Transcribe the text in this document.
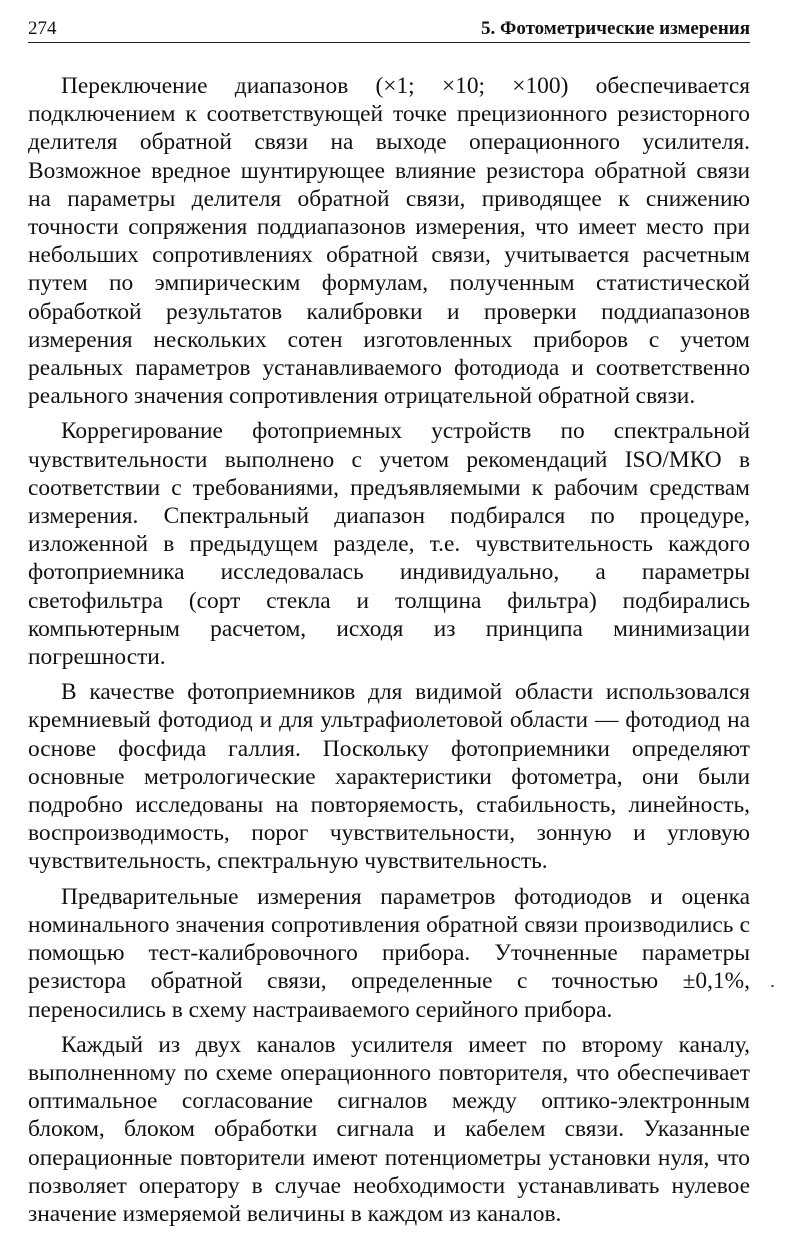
274	5. Фотометрические измерения

Переключение диапазонов (×1; ×10; ×100) обеспечивается подключением к соответствующей точке прецизионного резисторного делителя обратной связи на выходе операционного усилителя. Возможное вредное шунтирующее влияние резистора обратной связи на параметры делителя обратной связи, приводящее к снижению точности сопряжения поддиапазонов измерения, что имеет место при небольших сопротивлениях обратной связи, учитывается расчетным путем по эмпирическим формулам, полученным статистической обработкой результатов калибровки и проверки поддиапазонов измерения нескольких сотен изготовленных приборов с учетом реальных параметров устанавливаемого фотодиода и соответственно реального значения сопротивления отрицательной обратной связи.

Коррегирование фотоприемных устройств по спектральной чувствительности выполнено с учетом рекомендаций ISO/МКО в соответствии с требованиями, предъявляемыми к рабочим средствам измерения. Спектральный диапазон подбирался по процедуре, изложенной в предыдущем разделе, т.е. чувствительность каждого фотоприемника исследовалась индивидуально, а параметры светофильтра (сорт стекла и толщина фильтра) подбирались компьютерным расчетом, исходя из принципа минимизации погрешности.

В качестве фотоприемников для видимой области использовался кремниевый фотодиод и для ультрафиолетовой области — фотодиод на основе фосфида галлия. Поскольку фотоприемники определяют основные метрологические характеристики фотометра, они были подробно исследованы на повторяемость, стабильность, линейность, воспроизводимость, порог чувствительности, зонную и угловую чувствительность, спектральную чувствительность.

Предварительные измерения параметров фотодиодов и оценка номинального значения сопротивления обратной связи производились с помощью тест-калибровочного прибора. Уточненные параметры резистора обратной связи, определенные с точностью ±0,1%, переносились в схему настраиваемого серийного прибора.

Каждый из двух каналов усилителя имеет по второму каналу, выполненному по схеме операционного повторителя, что обеспечивает оптимальное согласование сигналов между оптико-электронным блоком, блоком обработки сигнала и кабелем связи. Указанные операционные повторители имеют потенциометры установки нуля, что позволяет оператору в случае необходимости устанавливать нулевое значение измеряемой величины в каждом из каналов.
